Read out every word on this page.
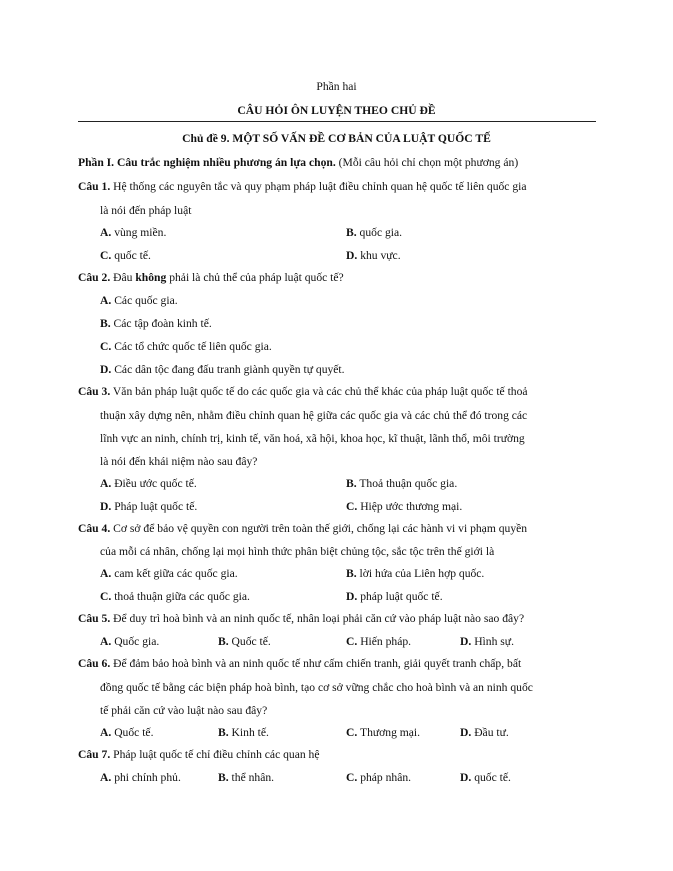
Phần hai
CÂU HỎI ÔN LUYỆN THEO CHỦ ĐỀ
Chủ đề 9. MỘT SỐ VẤN ĐỀ CƠ BẢN CỦA LUẬT QUỐC TẾ
Phần I. Câu trắc nghiệm nhiều phương án lựa chọn. (Mỗi câu hỏi chỉ chọn một phương án)
Câu 1. Hệ thống các nguyên tắc và quy phạm pháp luật điều chỉnh quan hệ quốc tế liên quốc gia
là nói đến pháp luật
A. vùng miền.	B. quốc gia.
C. quốc tế.	D. khu vực.
Câu 2. Đâu không phải là chủ thể của pháp luật quốc tế?
A. Các quốc gia.
B. Các tập đoàn kinh tế.
C. Các tổ chức quốc tế liên quốc gia.
D. Các dân tộc đang đấu tranh giành quyền tự quyết.
Câu 3. Văn bản pháp luật quốc tế do các quốc gia và các chủ thể khác của pháp luật quốc tế thoả
thuận xây dựng nên, nhằm điều chỉnh quan hệ giữa các quốc gia và các chủ thể đó trong các
lĩnh vực an ninh, chính trị, kinh tế, văn hoá, xã hội, khoa học, kĩ thuật, lãnh thổ, môi trường
là nói đến khái niệm nào sau đây?
A. Điều ước quốc tế.	B. Thoả thuận quốc gia.
D. Pháp luật quốc tế.	C. Hiệp ước thương mại.
Câu 4. Cơ sở để bảo vệ quyền con người trên toàn thế giới, chống lại các hành vi vi phạm quyền
của mỗi cá nhân, chống lại mọi hình thức phân biệt chủng tộc, sắc tộc trên thế giới là
A. cam kết giữa các quốc gia.	B. lời hứa của Liên hợp quốc.
C. thoả thuận giữa các quốc gia.	D. pháp luật quốc tế.
Câu 5. Để duy trì hoà bình và an ninh quốc tế, nhân loại phải căn cứ vào pháp luật nào sao đây?
A. Quốc gia.	B. Quốc tế.	C. Hiến pháp.	D. Hình sự.
Câu 6. Để đảm bảo hoà bình và an ninh quốc tế như cấm chiến tranh, giải quyết tranh chấp, bất
đồng quốc tế bằng các biện pháp hoà bình, tạo cơ sở vững chắc cho hoà bình và an ninh quốc
tế phải căn cứ vào luật nào sau đây?
A. Quốc tế.	B. Kinh tế.	C. Thương mại.	D. Đầu tư.
Câu 7. Pháp luật quốc tế chỉ điều chỉnh các quan hệ
A. phi chính phủ.	B. thể nhân.	C. pháp nhân.	D. quốc tế.
